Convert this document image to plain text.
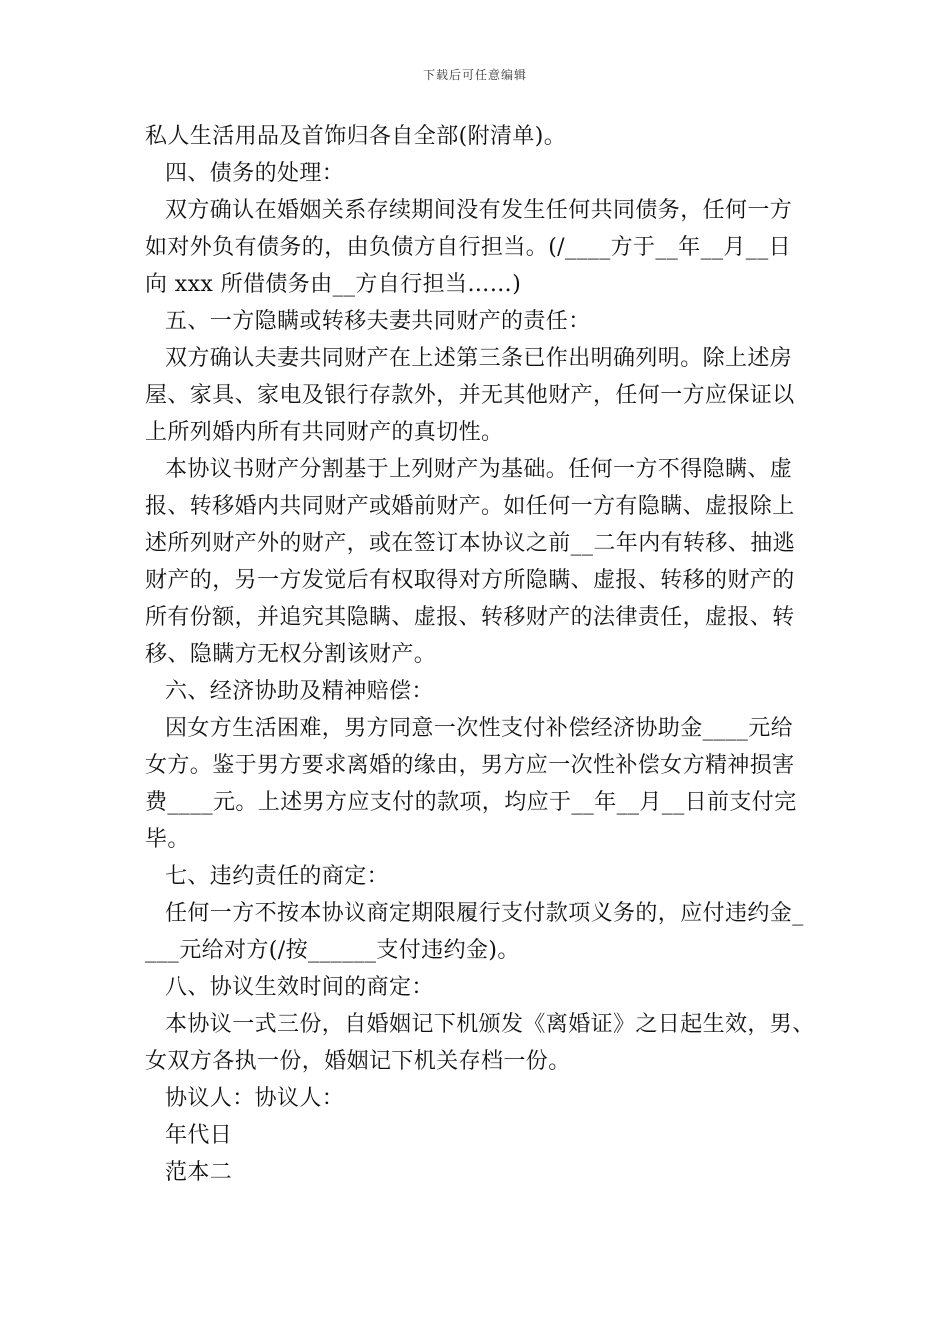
下载后可任意编辑
私人生活用品及首饰归各自全部(附清单)。
四、债务的处理：
双方确认在婚姻关系存续期间没有发生任何共同债务，任何一方
如对外负有债务的，由负债方自行担当。(/____方于__年__月__日
向 xxx 所借债务由__方自行担当……)
五、一方隐瞒或转移夫妻共同财产的责任：
双方确认夫妻共同财产在上述第三条已作出明确列明。除上述房
屋、家具、家电及银行存款外，并无其他财产，任何一方应保证以
上所列婚内所有共同财产的真切性。
本协议书财产分割基于上列财产为基础。任何一方不得隐瞒、虚
报、转移婚内共同财产或婚前财产。如任何一方有隐瞒、虚报除上
述所列财产外的财产，或在签订本协议之前__二年内有转移、抽逃
财产的，另一方发觉后有权取得对方所隐瞒、虚报、转移的财产的
所有份额，并追究其隐瞒、虚报、转移财产的法律责任，虚报、转
移、隐瞒方无权分割该财产。
六、经济协助及精神赔偿：
因女方生活困难，男方同意一次性支付补偿经济协助金____元给
女方。鉴于男方要求离婚的缘由，男方应一次性补偿女方精神损害
费____元。上述男方应支付的款项，均应于__年__月__日前支付完
毕。
七、违约责任的商定：
任何一方不按本协议商定期限履行支付款项义务的，应付违约金_
___元给对方(/按______支付违约金)。
八、协议生效时间的商定：
本协议一式三份，自婚姻记下机颁发《离婚证》之日起生效，男、
女双方各执一份，婚姻记下机关存档一份。
协议人：协议人：
年代日
范本二
